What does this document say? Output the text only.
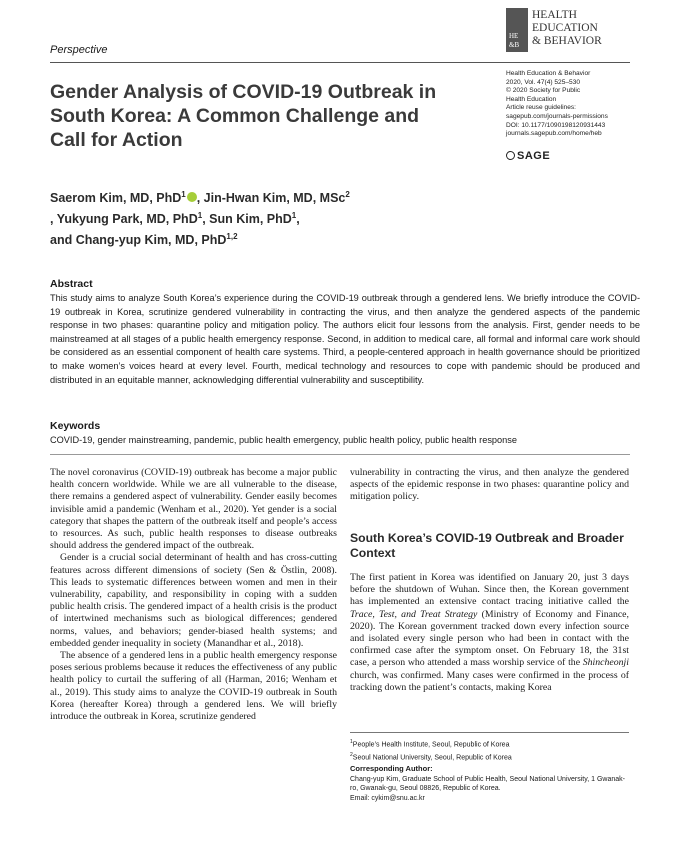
Perspective
HE
&B
HEALTH
EDUCATION
& BEHAVIOR
Gender Analysis of COVID-19 Outbreak in South Korea: A Common Challenge and Call for Action
Health Education & Behavior
2020, Vol. 47(4) 525–530
© 2020 Society for Public
Health Education
Article reuse guidelines:
sagepub.com/journals-permissions
DOI: 10.1177/1090198120931443
journals.sagepub.com/home/heb
SAGE
Saerom Kim, MD, PhD$^1$ , Jin-Hwan Kim, MD, MSc$^2$
, Yukyung Park, MD, PhD$^1$, Sun Kim, PhD$^1$,
and Chang-yup Kim, MD, PhD$^{1,2}$
Abstract
This study aims to analyze South Korea’s experience during the COVID-19 outbreak through a gendered lens. We briefly introduce the COVID-19 outbreak in Korea, scrutinize gendered vulnerability in contracting the virus, and then analyze the gendered aspects of the pandemic response in two phases: quarantine policy and mitigation policy. The authors elicit four lessons from the analysis. First, gender needs to be mainstreamed at all stages of a public health emergency response. Second, in addition to medical care, all formal and informal care work should be considered as an essential component of health care systems. Third, a people-centered approach in health governance should be prioritized to make women’s voices heard at every level. Fourth, medical technology and resources to cope with pandemic should be produced and distributed in an equitable manner, acknowledging differential vulnerability and susceptibility.
Keywords
COVID-19, gender mainstreaming, pandemic, public health emergency, public health policy, public health response

The novel coronavirus (COVID-19) outbreak has become a major public health concern worldwide. While we are all vulnerable to the disease, there remains a gendered aspect of vulnerability. Gender easily becomes invisible amid a pandemic (Wenham et al., 2020). Yet gender is a social category that shapes the pattern of the outbreak itself and people’s access to resources. As such, public health responses to disease outbreaks should address the gendered impact of the outbreak.

Gender is a crucial social determinant of health and has cross-cutting features across different dimensions of society (Sen & Östlin, 2008). This leads to systematic differences between women and men in their vulnerability, capability, and responsibility in coping with a sudden public health crisis. The gendered impact of a health crisis is the product of intertwined mechanisms such as biological differences; gendered norms, values, and behaviors; gender-biased health systems; and embedded gender inequality in society (Manandhar et al., 2018).

The absence of a gendered lens in a public health emergency response poses serious problems because it reduces the effectiveness of any public health policy to curtail the suffering of all (Harman, 2016; Wenham et al., 2019). This study aims to analyze the COVID-19 outbreak in South Korea (hereafter Korea) through a gendered lens. We will briefly introduce the outbreak in Korea, scrutinize gendered

vulnerability in contracting the virus, and then analyze the gendered aspects of the epidemic response in two phases: quarantine policy and mitigation policy.
South Korea’s COVID-19 Outbreak and Broader Context

The first patient in Korea was identified on January 20, just 3 days before the shutdown of Wuhan. Since then, the Korean government has implemented an extensive contact tracing initiative called the Trace, Test, and Treat Strategy (Ministry of Economy and Finance, 2020). The Korean government tracked down every infection source and isolated every single person who had been in contact with the confirmed case after the symptom onset. On February 18, the 31st case, a person who attended a mass worship service of the Shincheonji church, was confirmed. Many cases were confirmed in the process of tracking down the patient’s contacts, making Korea

$^1$People’s Health Institute, Seoul, Republic of Korea
$^2$Seoul National University, Seoul, Republic of Korea
Corresponding Author:
Chang-yup Kim, Graduate School of Public Health, Seoul National University, 1 Gwanak-ro, Gwanak-gu, Seoul 08826, Republic of Korea.
Email: cykim@snu.ac.kr
